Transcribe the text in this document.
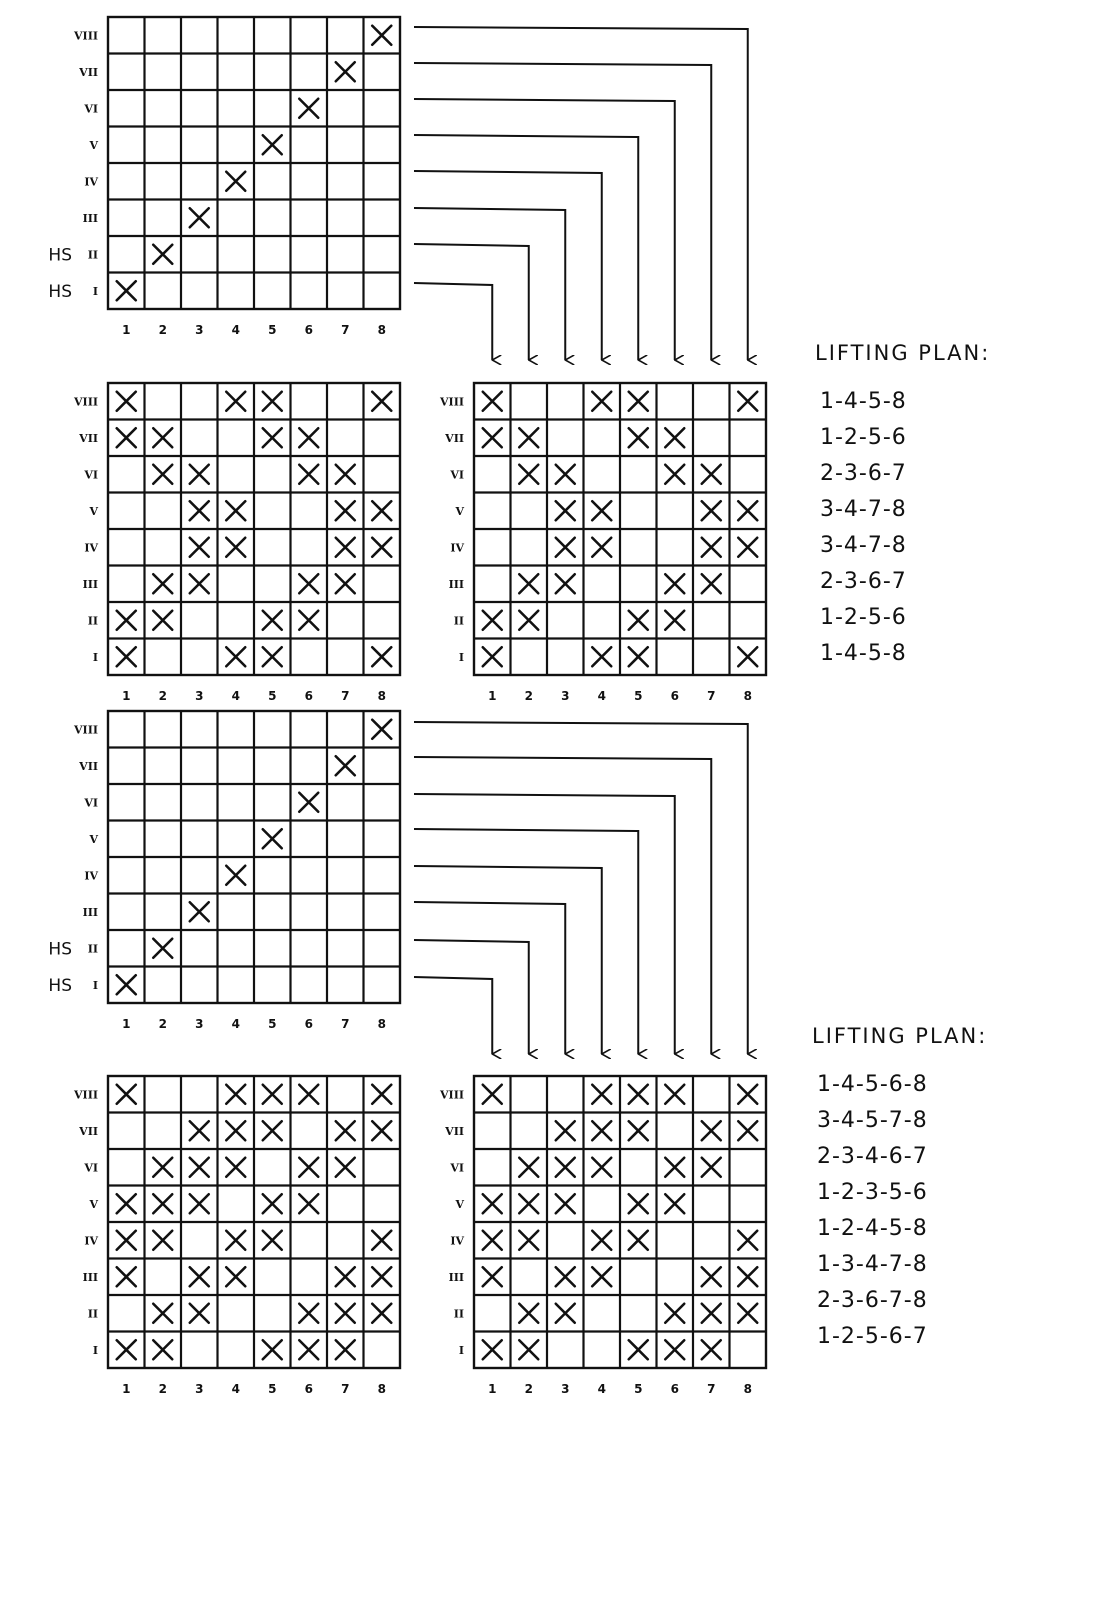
VIII
VII
VI
V
IV
III
II
HS
I
HS
VIII
VII
VI
V
IV
III
II
I
VIII
VII
VI
V
IV
III
II
I
1 2 3 4 5 6 7 8
1 2 3 4 5 6 7 8	1 2 3 4 5 6 7 8
LIFTING PLAN:
1-4-5-8
1-2-5-6
2-3-6-7
3-4-7-8
3-4-7-8
2-3-6-7
1-2-5-6
1-4-5-8
VIII
VII
VI
V
IV
III
II
HS
I
HS
VIII
VII
VI
V
IV
III
II
I
VIII
VII
VI
V
IV
III
II
I
1 2 3 4 5 6 7 8
1 2 3 4 5 6 7 8	1 2 3 4 5 6 7 8
LIFTING PLAN:
1-4-5-6-8
3-4-5-7-8
2-3-4-6-7
1-2-3-5-6
1-2-4-5-8
1-3-4-7-8
2-3-6-7-8
1-2-5-6-7
